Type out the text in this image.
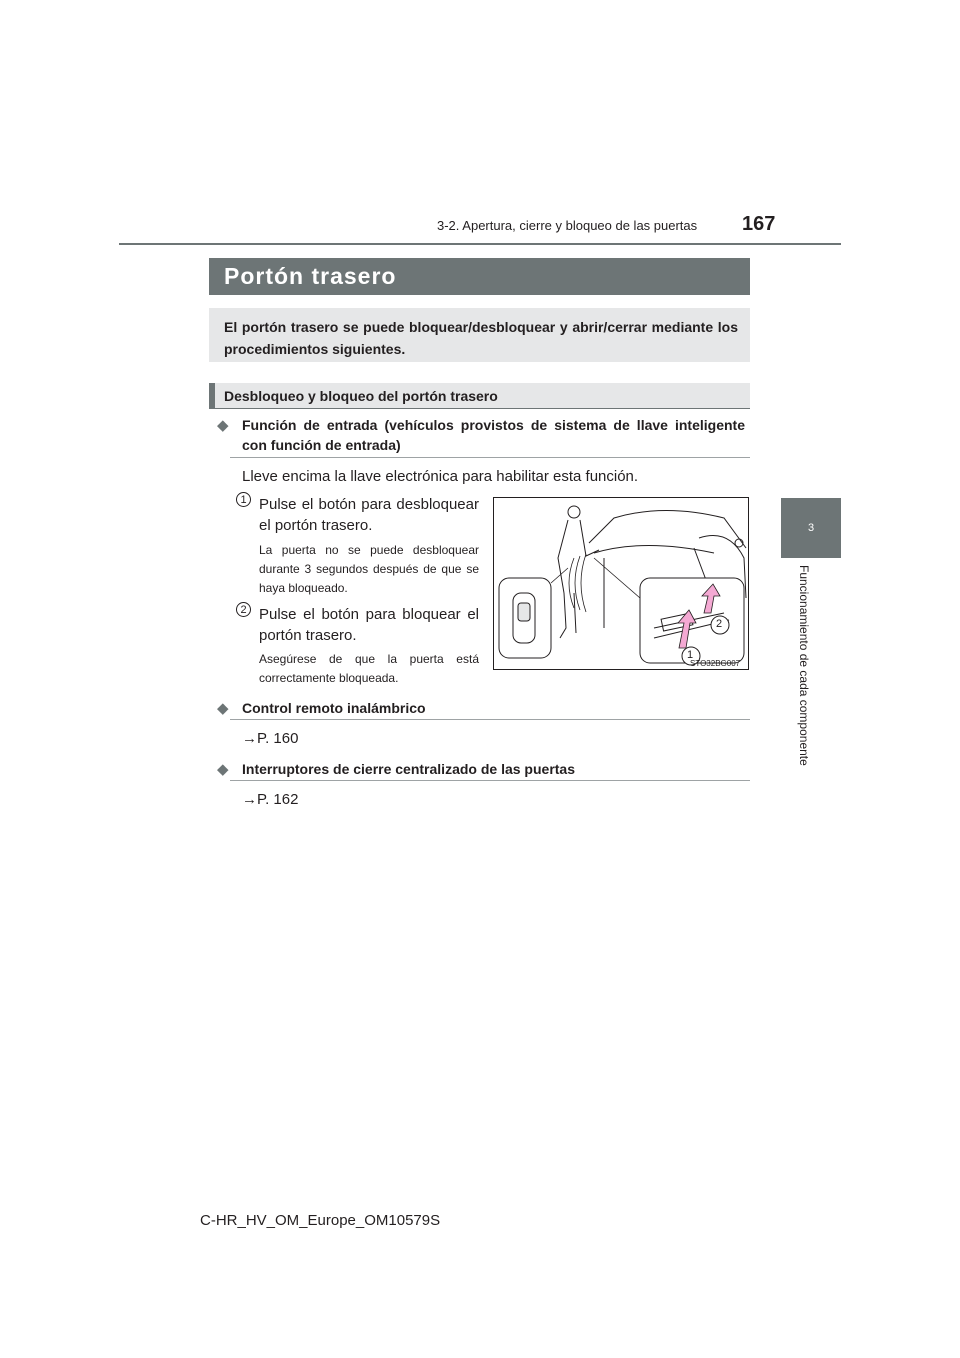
3-2. Apertura, cierre y bloqueo de las puertas 167
3
Funcionamiento de cada componente
Portón trasero
El portón trasero se puede bloquear/desbloquear y abrir/cerrar mediante los procedimientos siguientes.
Desbloqueo y bloqueo del portón trasero
◆ Función de entrada (vehículos provistos de sistema de llave inteligente con función de entrada)
Lleve encima la llave electrónica para habilitar esta función.
1 Pulse el botón para desbloquear el portón trasero.
La puerta no se puede desbloquear durante 3 segundos después de que se haya bloqueado.
2 Pulse el botón para bloquear el portón trasero.
Asegúrese de que la puerta está correctamente bloqueada.
1
2
STO32BG007
◆ Control remoto inalámbrico
→P. 160
◆ Interruptores de cierre centralizado de las puertas
→P. 162
C-HR_HV_OM_Europe_OM10579S
